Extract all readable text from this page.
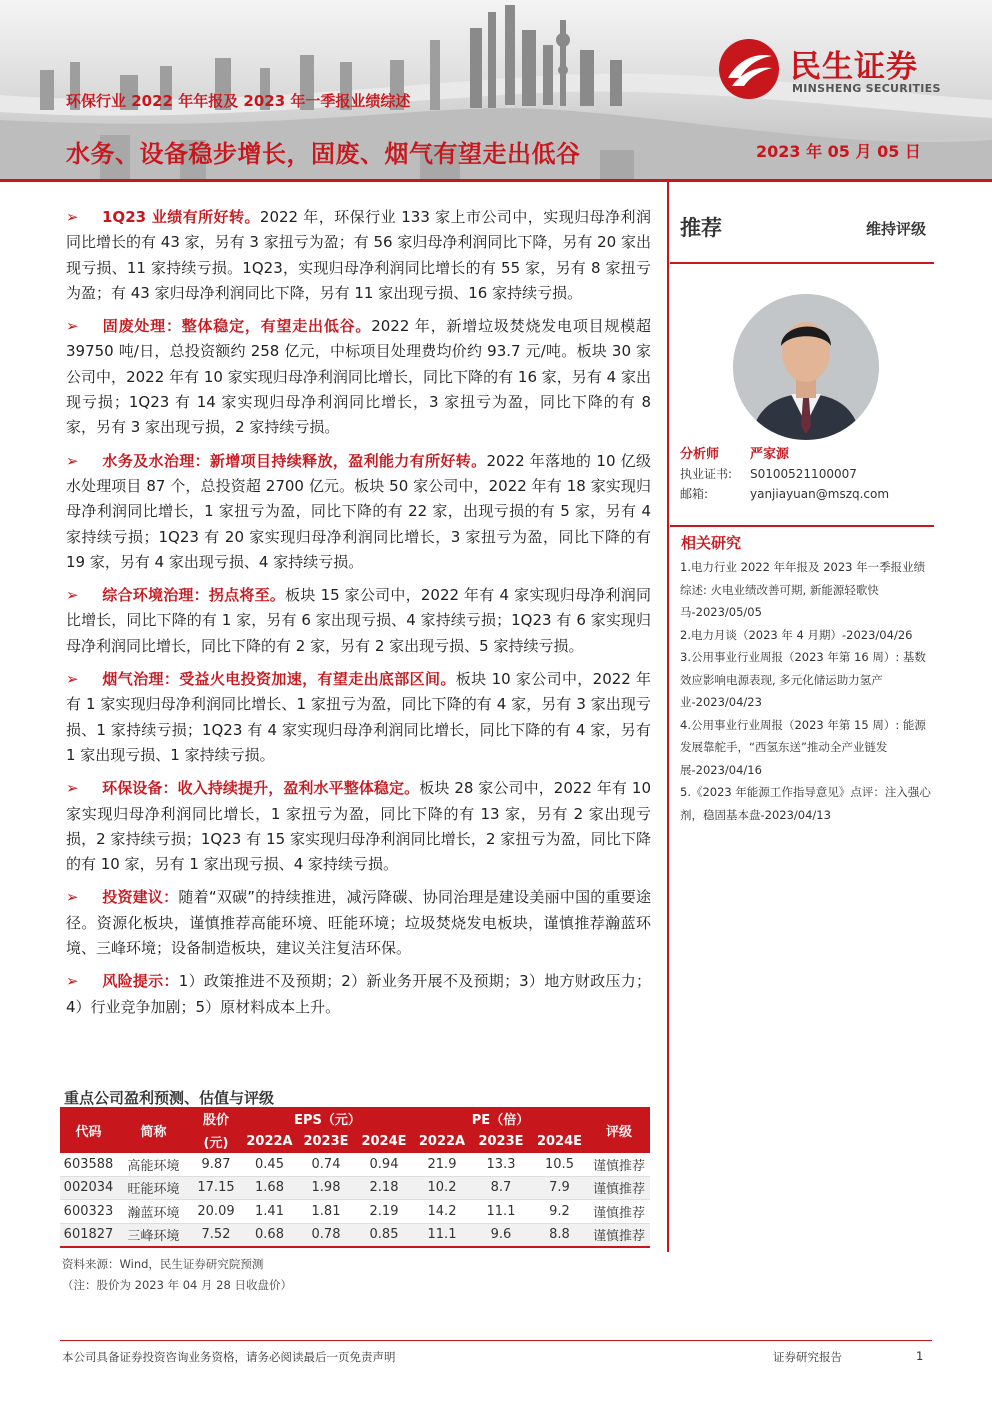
民生证券
MINSHENG SECURITIES
环保行业 2022 年年报及 2023 年一季报业绩综述
水务、设备稳步增长，固废、烟气有望走出低谷	2023 年 05 月 05 日
➢ 1Q23 业绩有所好转。2022 年，环保行业 133 家上市公司中，实现归母净利润同比增长的有 43 家，另有 3 家扭亏为盈；有 56 家归母净利润同比下降，另有 20 家出现亏损、11 家持续亏损。1Q23，实现归母净利润同比增长的有 55 家，另有 8 家扭亏为盈；有 43 家归母净利润同比下降，另有 11 家出现亏损、16 家持续亏损。
➢ 固废处理：整体稳定，有望走出低谷。2022 年，新增垃圾焚烧发电项目规模超 39750 吨/日，总投资额约 258 亿元，中标项目处理费均价约 93.7 元/吨。板块 30 家公司中，2022 年有 10 家实现归母净利润同比增长，同比下降的有 16 家，另有 4 家出现亏损；1Q23 有 14 家实现归母净利润同比增长，3 家扭亏为盈，同比下降的有 8 家，另有 3 家出现亏损，2 家持续亏损。
➢ 水务及水治理：新增项目持续释放，盈利能力有所好转。2022 年落地的 10 亿级水处理项目 87 个，总投资超 2700 亿元。板块 50 家公司中，2022 年有 18 家实现归母净利润同比增长，1 家扭亏为盈，同比下降的有 22 家，出现亏损的有 5 家，另有 4 家持续亏损；1Q23 有 20 家实现归母净利润同比增长，3 家扭亏为盈，同比下降的有 19 家，另有 4 家出现亏损、4 家持续亏损。
➢ 综合环境治理：拐点将至。板块 15 家公司中，2022 年有 4 家实现归母净利润同比增长，同比下降的有 1 家，另有 6 家出现亏损、4 家持续亏损；1Q23 有 6 家实现归母净利润同比增长，同比下降的有 2 家，另有 2 家出现亏损、5 家持续亏损。
➢ 烟气治理：受益火电投资加速，有望走出底部区间。板块 10 家公司中，2022 年有 1 家实现归母净利润同比增长、1 家扭亏为盈，同比下降的有 4 家，另有 3 家出现亏损、1 家持续亏损；1Q23 有 4 家实现归母净利润同比增长，同比下降的有 4 家，另有 1 家出现亏损、1 家持续亏损。
➢ 环保设备：收入持续提升，盈利水平整体稳定。板块 28 家公司中，2022 年有 10 家实现归母净利润同比增长，1 家扭亏为盈，同比下降的有 13 家，另有 2 家出现亏损，2 家持续亏损；1Q23 有 15 家实现归母净利润同比增长，2 家扭亏为盈，同比下降的有 10 家，另有 1 家出现亏损、4 家持续亏损。
➢ 投资建议：随着“双碳”的持续推进，减污降碳、协同治理是建设美丽中国的重要途径。资源化板块，谨慎推荐高能环境、旺能环境；垃圾焚烧发电板块，谨慎推荐瀚蓝环境、三峰环境；设备制造板块，建议关注复洁环保。
➢ 风险提示：1）政策推进不及预期；2）新业务开展不及预期；3）地方财政压力； 4）行业竞争加剧；5）原材料成本上升。
推荐	维持评级
分析师 严家源
执业证书: S0100521100007
邮箱:	yanjiayuan@mszq.com
相关研究
1.电力行业 2022 年年报及 2023 年一季报业绩综述: 火电业绩改善可期, 新能源轻歌快马-2023/05/05
2.电力月谈（2023 年 4 月期）-2023/04/26
3.公用事业行业周报（2023 年第 16 周）: 基数效应影响电源表现, 多元化储运助力氢产业-2023/04/23
4.公用事业行业周报（2023 年第 15 周）: 能源发展靠舵手，“西氢东送”推动全产业链发展-2023/04/16
5.《2023 年能源工作指导意见》点评：注入强心剂，稳固基本盘-2023/04/13
重点公司盈利预测、估值与评级
代码	简称	股价	EPS（元）			PE（倍）			评级
		(元)	2022A	2023E	2024E	2022A	2023E	2024E	
603588	高能环境	9.87	0.45	0.74	0.94	21.9	13.3	10.5	谨慎推荐
002034	旺能环境	17.15	1.68	1.98	2.18	10.2	8.7	7.9	谨慎推荐
600323	瀚蓝环境	20.09	1.41	1.81	2.19	14.2	11.1	9.2	谨慎推荐
601827	三峰环境	7.52	0.68	0.78	0.85	11.1	9.6	8.8	谨慎推荐
资料来源：Wind，民生证券研究院预测
（注：股价为 2023 年 04 月 28 日收盘价）
本公司具备证券投资咨询业务资格，请务必阅读最后一页免责声明	证券研究报告	1
